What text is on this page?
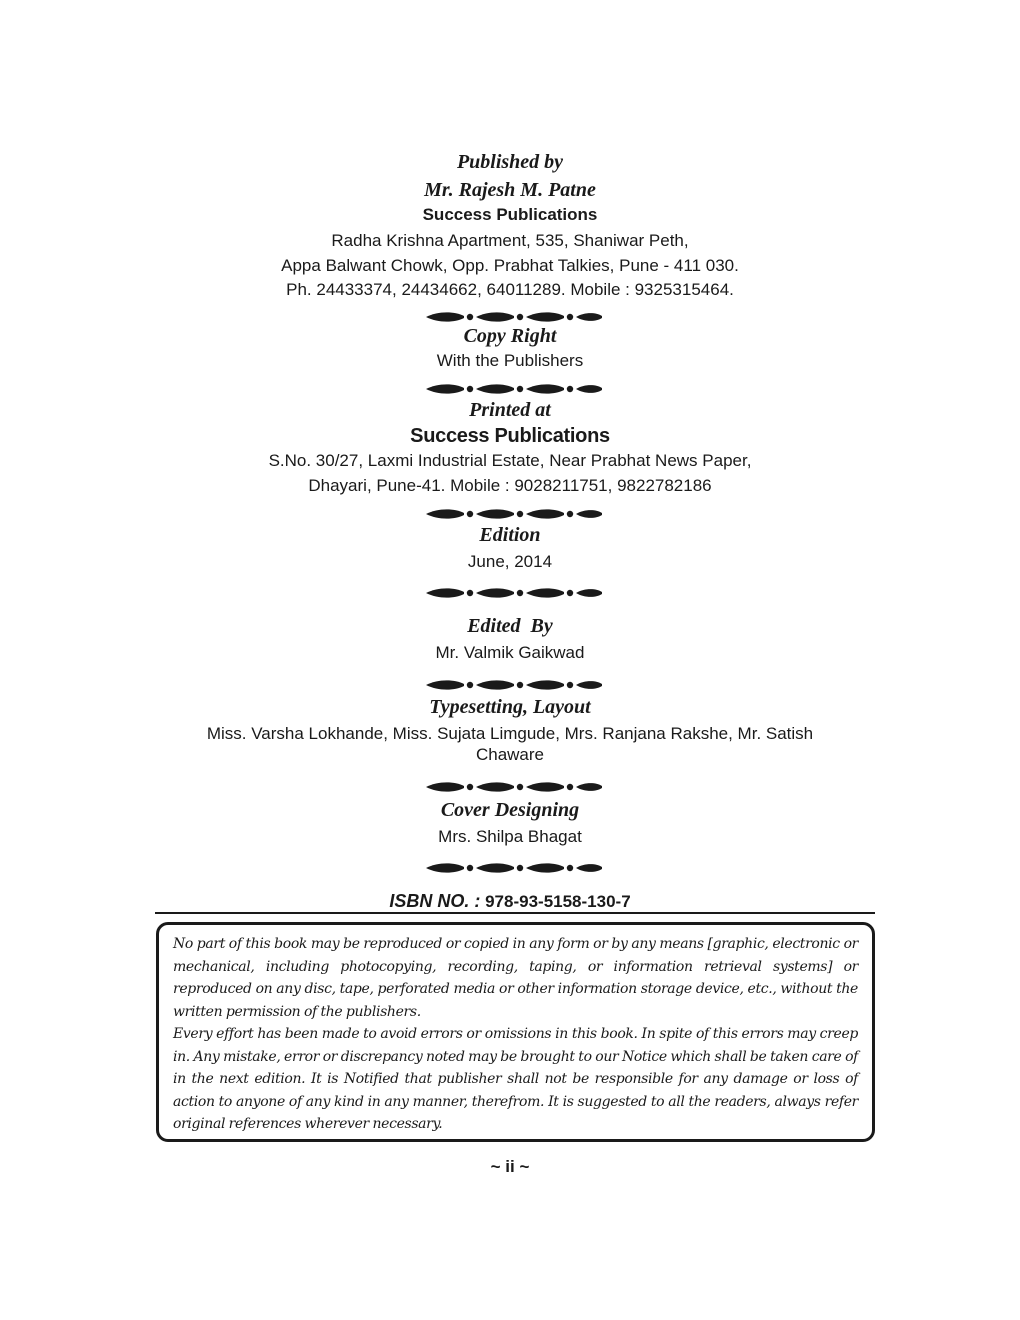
Published by
Mr. Rajesh M. Patne
Success Publications
Radha Krishna Apartment, 535, Shaniwar Peth,
Appa Balwant Chowk, Opp. Prabhat Talkies, Pune - 411 030.
Ph. 24433374, 24434662, 64011289. Mobile : 9325315464.
Copy Right
With the Publishers
Printed at
Success Publications
S.No. 30/27, Laxmi Industrial Estate, Near Prabhat News Paper,
Dhayari, Pune-41. Mobile : 9028211751, 9822782186
Edition
June, 2014
Edited  By
Mr. Valmik Gaikwad
Typesetting, Layout
Miss. Varsha Lokhande, Miss. Sujata Limgude, Mrs. Ranjana Rakshe, Mr. Satish
Chaware
Cover Designing
Mrs. Shilpa Bhagat
ISBN NO. : 978-93-5158-130-7

No part of this book may be reproduced or copied in any form or by any means [graphic, electronic or mechanical, including photocopying, recording, taping, or information retrieval systems] or reproduced on any disc, tape, perforated media or other information storage device, etc., without the written permission of the publishers.

Every effort has been made to avoid errors or omissions in this book. In spite of this errors may creep in. Any mistake, error or discrepancy noted may be brought to our Notice which shall be taken care of in the next edition. It is Notified that publisher shall not be responsible for any damage or loss of action to anyone of any kind in any manner, therefrom. It is suggested to all the readers, always refer original references wherever necessary.

~ ii ~
